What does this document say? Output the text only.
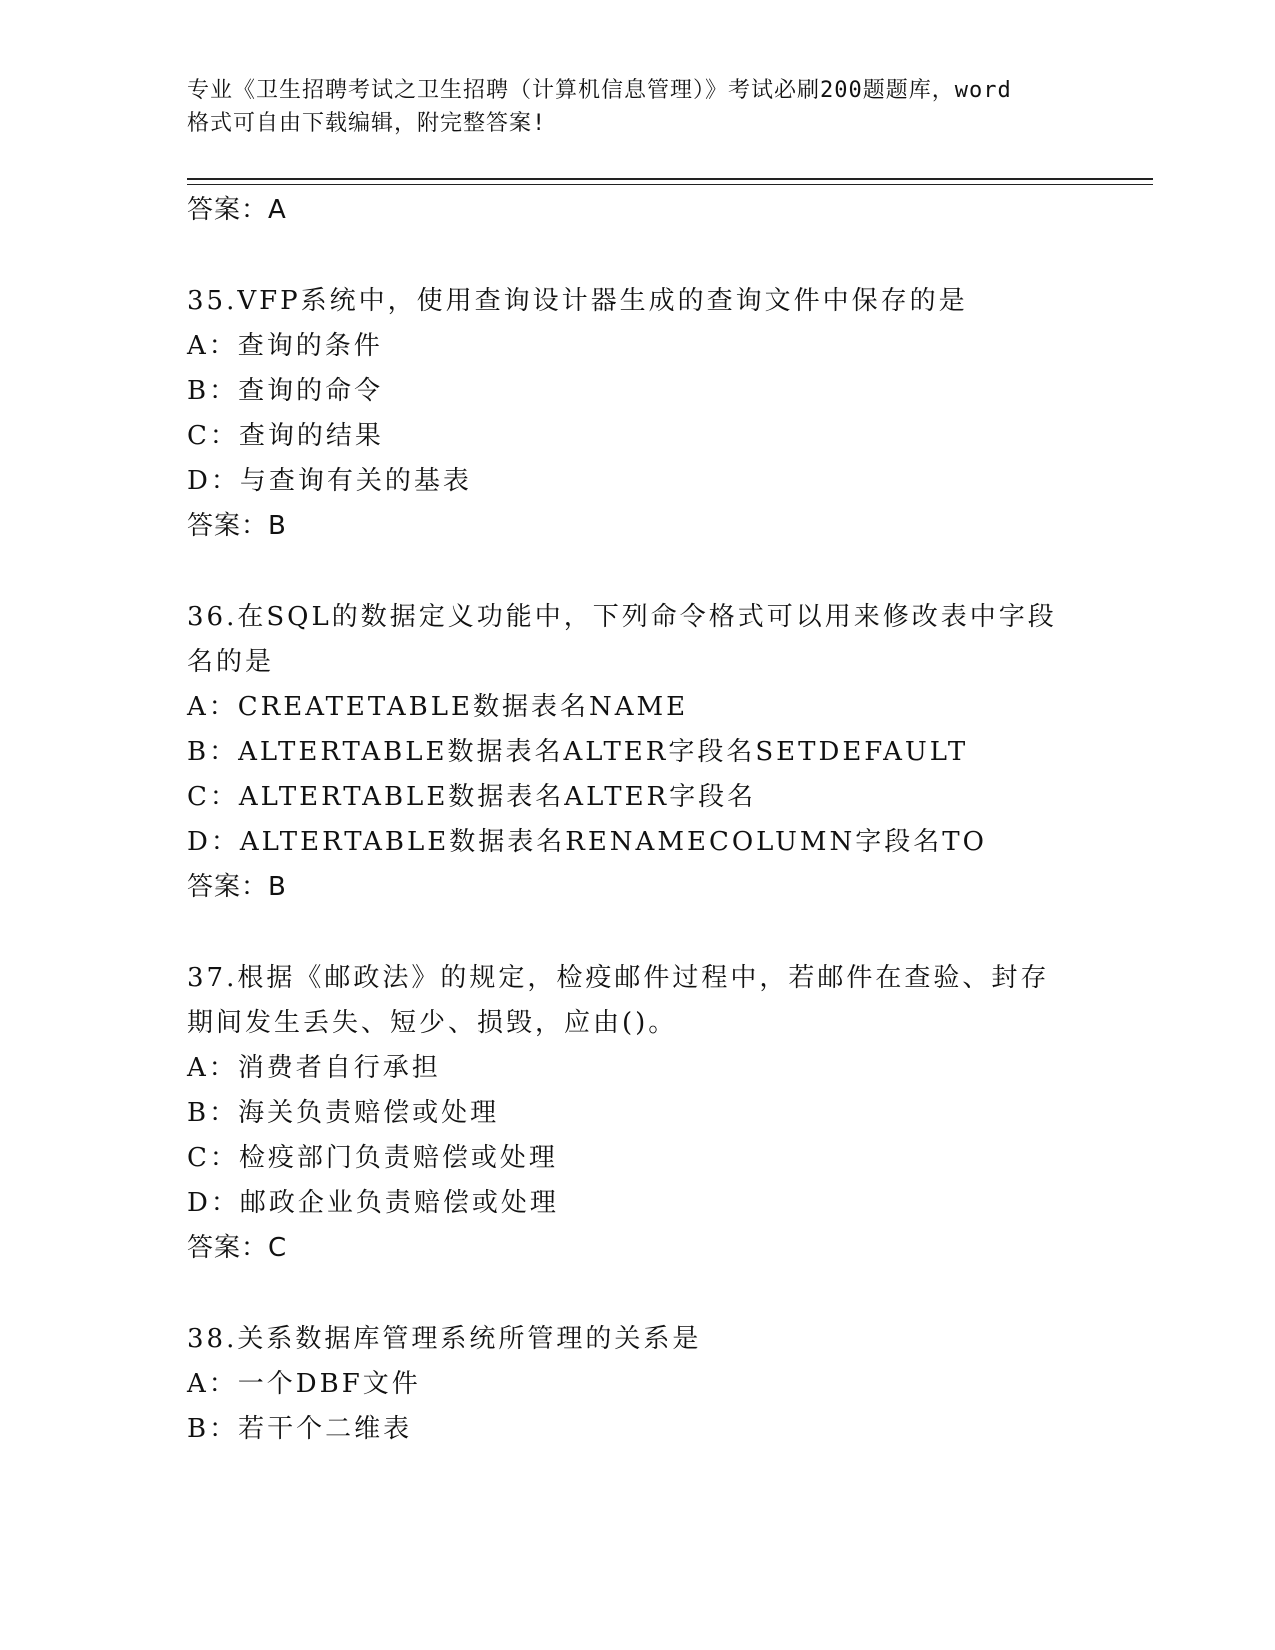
专业《卫生招聘考试之卫生招聘（计算机信息管理）》考试必刷200题题库，word
格式可自由下载编辑，附完整答案!
答案：A
35.VFP系统中，使用查询设计器生成的查询文件中保存的是
A：查询的条件
B：查询的命令
C：查询的结果
D：与查询有关的基表
答案：B
36.在SQL的数据定义功能中，下列命令格式可以用来修改表中字段名的是
A：CREATETABLE数据表名NAME
B：ALTERTABLE数据表名ALTER字段名SETDEFAULT
C：ALTERTABLE数据表名ALTER字段名
D：ALTERTABLE数据表名RENAMECOLUMN字段名TO
答案：B
37.根据《邮政法》的规定，检疫邮件过程中，若邮件在查验、封存期间发生丢失、短少、损毁，应由()。
A：消费者自行承担
B：海关负责赔偿或处理
C：检疫部门负责赔偿或处理
D：邮政企业负责赔偿或处理
答案：C
38.关系数据库管理系统所管理的关系是
A：一个DBF文件
B：若干个二维表
